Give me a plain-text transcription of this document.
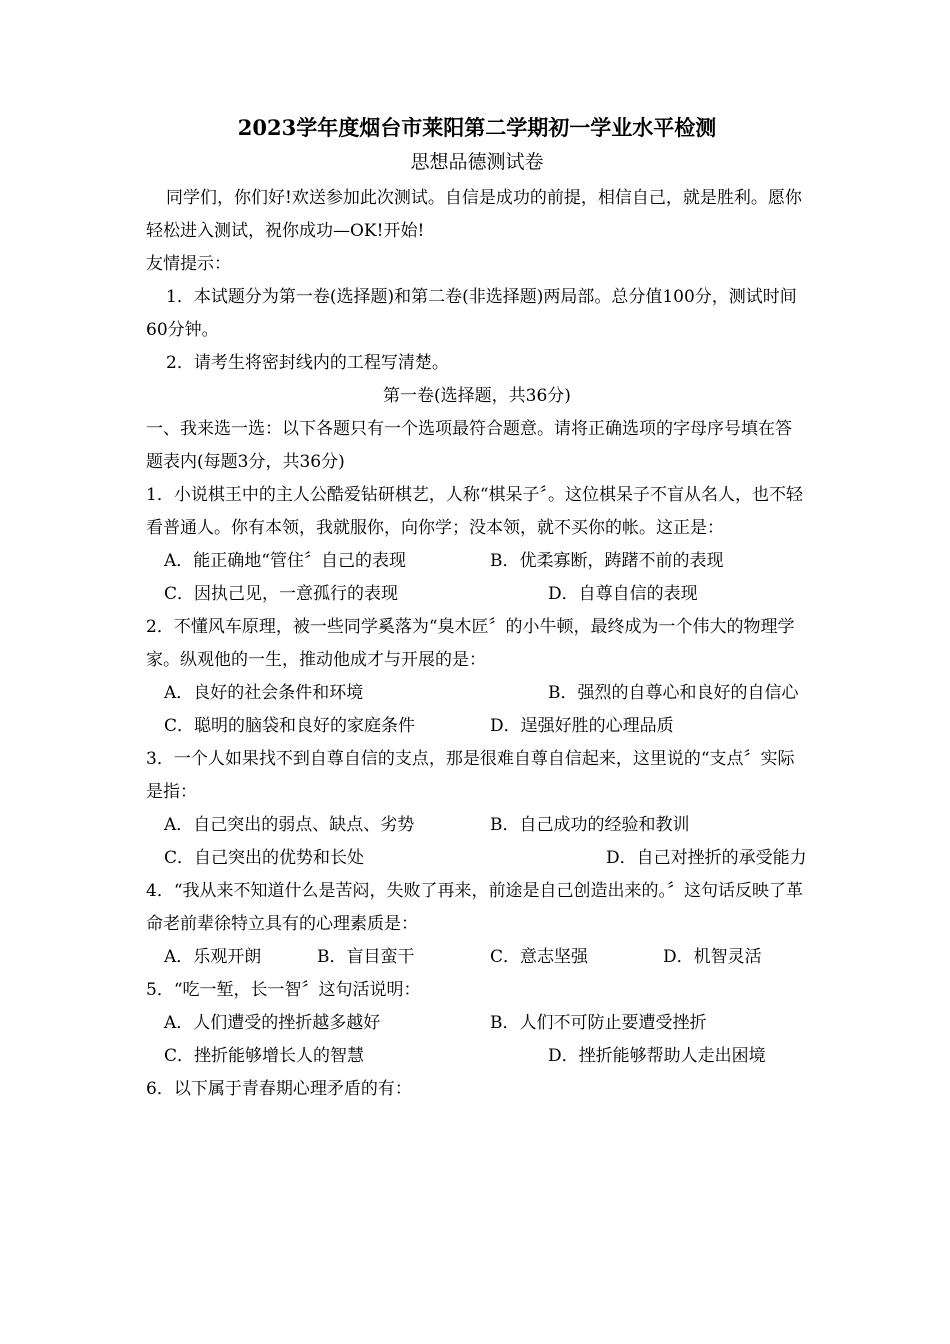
2023学年度烟台市莱阳第二学期初一学业水平检测
思想品德测试卷

同学们，你们好!欢送参加此次测试。自信是成功的前提，相信自己，就是胜利。愿你轻松进入测试，祝你成功—OK!开始!

友情提示：

1．本试题分为第一卷(选择题)和第二卷(非选择题)两局部。总分值100分，测试时间60分钟。

2．请考生将密封线内的工程写清楚。

第一卷(选择题，共36分)

一、我来选一选：以下各题只有一个选项最符合题意。请将正确选项的字母序号填在答题表内(每题3分，共36分)

1．小说棋王中的主人公酷爱钻研棋艺，人称“棋呆子〞。这位棋呆子不盲从名人，也不轻看普通人。你有本领，我就服你，向你学；没本领，就不买你的帐。这正是：

A．能正确地“管住〞自己的表现	B．优柔寡断，踌躇不前的表现
C．因执己见，一意孤行的表现	D．自尊自信的表现

2．不懂风车原理，被一些同学奚落为“臭木匠〞的小牛顿，最终成为一个伟大的物理学家。纵观他的一生，推动他成才与开展的是：

A．良好的社会条件和环境	B．强烈的自尊心和良好的自信心
C．聪明的脑袋和良好的家庭条件	D．逞强好胜的心理品质

3．一个人如果找不到自尊自信的支点，那是很难自尊自信起来，这里说的“支点〞实际是指：

A．自己突出的弱点、缺点、劣势	B．自己成功的经验和教训
C．自己突出的优势和长处	D．自己对挫折的承受能力

4．“我从来不知道什么是苦闷，失败了再来，前途是自己创造出来的。〞这句话反映了革命老前辈徐特立具有的心理素质是：

A．乐观开朗	B．盲目蛮干	C．意志坚强	D．机智灵活

5．“吃一堑，长一智〞这句活说明：

A．人们遭受的挫折越多越好	B．人们不可防止要遭受挫折
C．挫折能够增长人的智慧	D．挫折能够帮助人走出困境

6．以下属于青春期心理矛盾的有：
